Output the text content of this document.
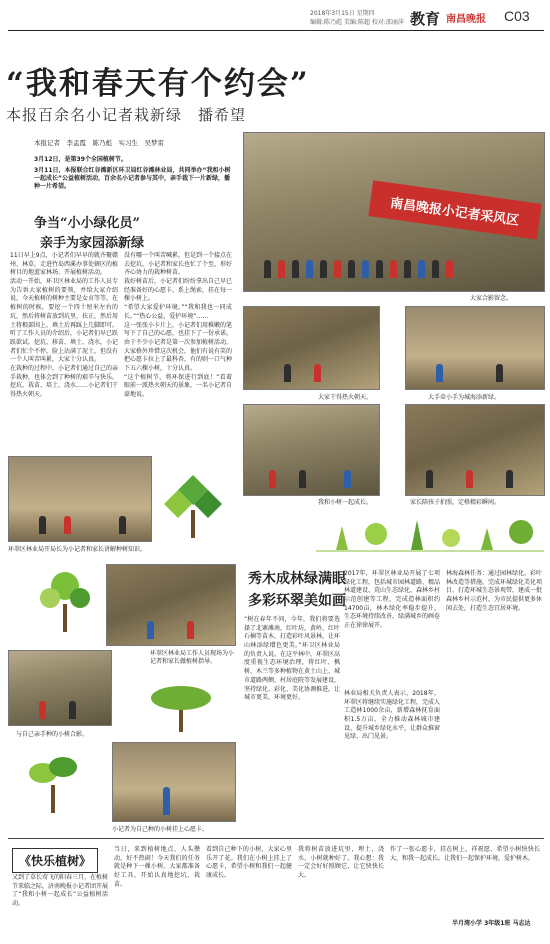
2018年3月15日 星期四
编辑:陈乃彪 美编:陈超 校对:邵丽萍 教育 南昌晚报 C03
“我和春天有个约会”
本报百余名小记者栽新绿　播希望
本报记者　李孟霞　陈乃彪　实习生　吴梦雷
3月12日，是第39个全国植树节。
3月11日，本报联合红谷滩新区环卫局红谷滩林业局，共同举办“我和小树一起成长”公益植树活动，百余名小记者参与其中，亲手栽下一片新绿，播种一片希望。
争当“小小绿化员”
亲手为家园添新绿
11日早上9点，小记者们早早的就齐聚赣州、林草，走进竹岛西溪办事处辖区的植树目的地蓝家林场，开展植树活动。
活动一开始，环卫区林业局的工作人员专为告诉大家植树的要领，并给大家介绍说，今天植树的树种主要是女贞等等，在植树的时候，要挖一个四十厘米左右的坑，然后将树苗放到坑里，扶正，然后用土将根部围上，填土后再踩上几脚即可。
听了工作人员的介绍后，小记者们早已跃跃欲试。挖坑、移苗、填土、浇水，小记者们忙个不停，脸上沾满了泥土，但没有一个人叫苦叫累，大家十分认真。
在栽种的过程中，小记者们通过自己的亲手栽种，也体会到了种树的艰辛与快乐。
挖坑、栽苗、培土、浇水……小记者们干得热火朝天。
没有哪一个叫苦喊累，但是到一个接点在去挖坑，小记者和家长也忙了个至，形好齐心协力的栽种树苗。
栽好树苗后，小记者们纷纷拿出自己早已经准备好的心愿卡，系上绳索，挂在每一棵小树上。
“希望大家爱护环境。”“我和我也一同成长。”“热心公益，爱护环境”……
这一张张小卡片上，小记者们用稚嫩的笔写下了自己的心愿，也挂下了一份承诺。
由于不少小记者是第一次参加植树活动，大家格外珍惜这次机会，他们有说有笑的把心愿卡拉上了最科杏，有的则一口气种下五六棵小树，十分认真。
“这个植树节，将环保进行到底！”看着眼前一派热火朝天的景象，一名小记者自豪地说。
南昌晚报小记者采风区
大家合影留念。
大家干得热火朝天。	大手牵小手为城海添新绿。
我和小树一起成长。	家长陪孩子拍照，定格精彩瞬间。
环翠区林业局开局长为小记者和家长讲解种树知识。
环翠区林业局工作人员现场为小记者和家长做植树指导。
与自己亲手种的小树合影。
小记者为自己种的小树挂上心愿卡。
秀木成林绿满眼
多彩环翠美如画
“树在春年不问，今年，我们将要选择了北寨滩南，红叶坊，黄岭，红叶石楠等苗木，打造彩叶风景林，让环山林添绿增色更美。”环卫区林业局的负责人说。在这平林中，环翠区高度重视生态环境治理，将红叶、枫树、木兰等多种植物在黄土山上、城市道路两侧、村居庭院等发展建设，坚持绿化、彩化、美化协调推进，让城市更美、环境更好。
2017年，环翠区林业局开展了七项绿化工程，包括城市园林道路、精品林道建设、荒山生态绿化、森林乡村示范创建等工程，完成造林面积约14700亩，林木绿化率稳步提升，生态环境持续改善，绿满城乡的画卷正在徐徐展开。
林业局相关负责人表示，2018年，环翠区将继续实施绿化工程，完成人工造林1000余亩，新增森林抚育面积1.5万亩，全力推动森林城市建设，提升城乡绿化水平，让群众推窗见绿、出门见景。
林海森林任务：通过园林绿化，彩叶林改造等措施，完成环城绿化美化项目，打造环城生态景观带，建成一批森林乡村示范村，为市民提供更多休闲去处，打造生态宜居环境。
《快乐植树》
又到了草长莺飞的阳春三月，在植树节来临之际，济南晚报小记者团开展了“我和小树一起成长”公益植树活动。
当日，来到植树地点，人头攒动，好不热闹！今天我们的任务就是种下一棵小树。大家都准备好工具，开始认真地挖坑、栽苗。
看到自己种下的小树，大家心里乐开了花。我们在小树上挂上了心愿卡，希望小树和我们一起健康成长。
我将树苗放进坑里，埋土，浇水，小树就种好了。我心想：我一定会好好照顾它，让它快快长大。
作了一张心愿卡，挂在树上，祥祝愿，希望小树快快长大，和我一起成长。让我们一起保护环境，爱护树木。
半月湾小学 3年级1班 马志达
